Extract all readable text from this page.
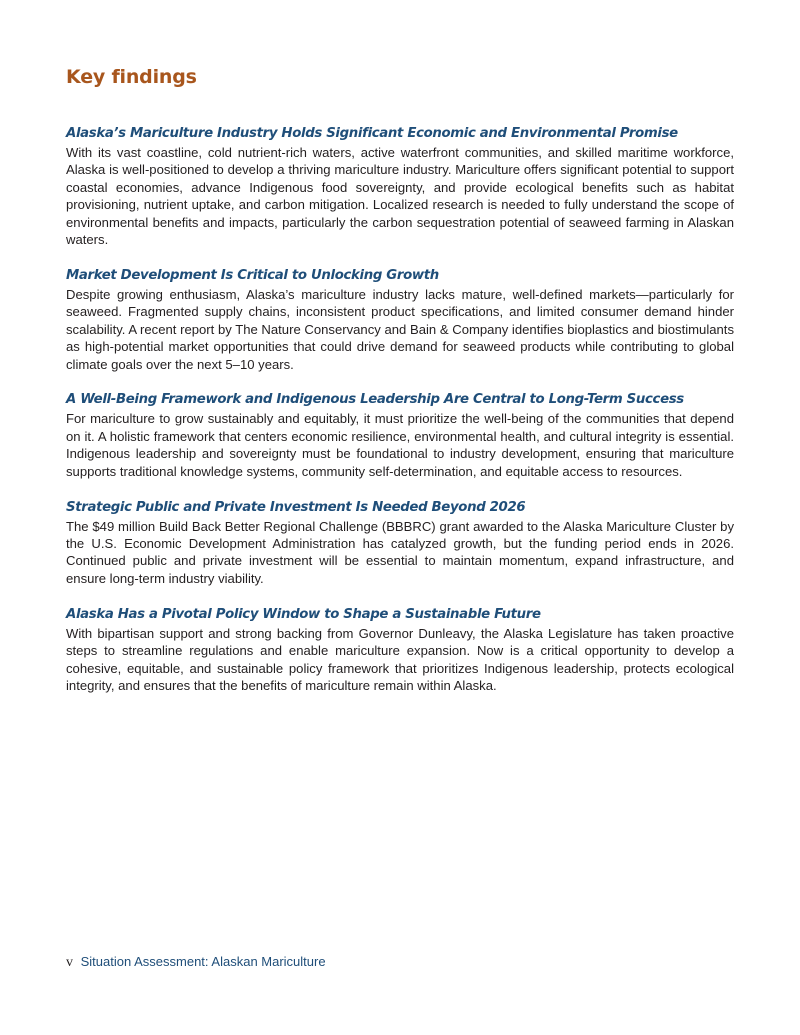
Key findings
Alaska’s Mariculture Industry Holds Significant Economic and Environmental Promise

With its vast coastline, cold nutrient-rich waters, active waterfront communities, and skilled maritime workforce, Alaska is well-positioned to develop a thriving mariculture industry. Mariculture offers significant potential to support coastal economies, advance Indigenous food sovereignty, and provide ecological benefits such as habitat provisioning, nutrient uptake, and carbon mitigation. Localized research is needed to fully understand the scope of environmental benefits and impacts, particularly the carbon sequestration potential of seaweed farming in Alaskan waters.

Market Development Is Critical to Unlocking Growth

Despite growing enthusiasm, Alaska’s mariculture industry lacks mature, well-defined markets—particularly for seaweed. Fragmented supply chains, inconsistent product specifications, and limited consumer demand hinder scalability. A recent report by The Nature Conservancy and Bain & Company identifies bioplastics and biostimulants as high-potential market opportunities that could drive demand for seaweed products while contributing to global climate goals over the next 5–10 years.

A Well-Being Framework and Indigenous Leadership Are Central to Long-Term Success

For mariculture to grow sustainably and equitably, it must prioritize the well-being of the communities that depend on it. A holistic framework that centers economic resilience, environmental health, and cultural integrity is essential. Indigenous leadership and sovereignty must be foundational to industry development, ensuring that mariculture supports traditional knowledge systems, community self-determination, and equitable access to resources.

Strategic Public and Private Investment Is Needed Beyond 2026

The $49 million Build Back Better Regional Challenge (BBBRC) grant awarded to the Alaska Mariculture Cluster by the U.S. Economic Development Administration has catalyzed growth, but the funding period ends in 2026. Continued public and private investment will be essential to maintain momentum, expand infrastructure, and ensure long-term industry viability.

Alaska Has a Pivotal Policy Window to Shape a Sustainable Future

With bipartisan support and strong backing from Governor Dunleavy, the Alaska Legislature has taken proactive steps to streamline regulations and enable mariculture expansion. Now is a critical opportunity to develop a cohesive, equitable, and sustainable policy framework that prioritizes Indigenous leadership, protects ecological integrity, and ensures that the benefits of mariculture remain within Alaska.

v Situation Assessment: Alaskan Mariculture
